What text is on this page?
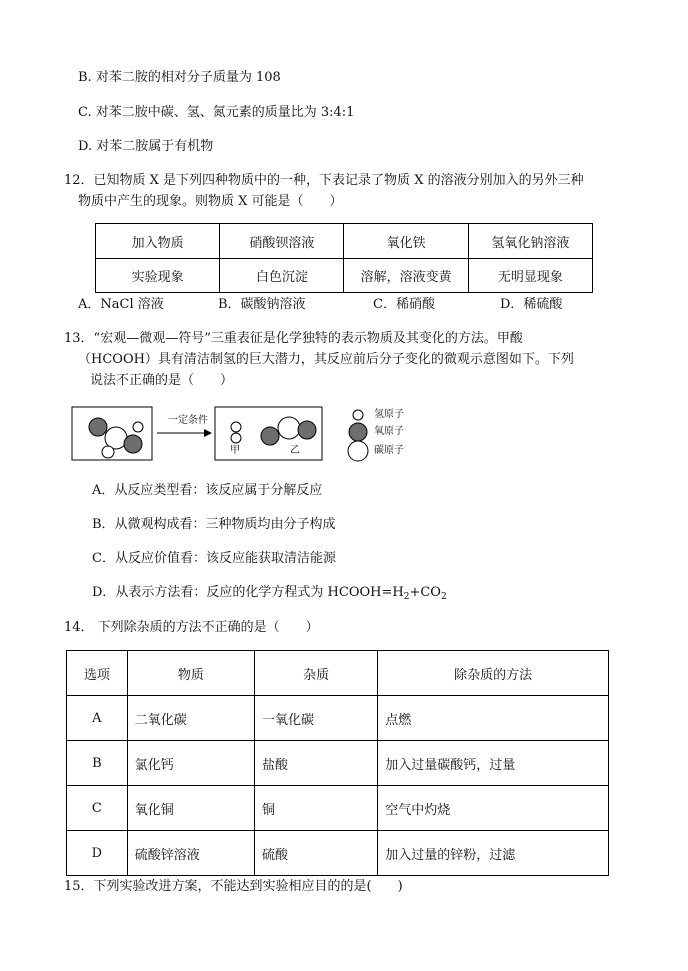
B. 对苯二胺的相对分子质量为 108
C. 对苯二胺中碳、氢、氮元素的质量比为 3:4:1
D. 对苯二胺属于有机物
12．已知物质 X 是下列四种物质中的一种，下表记录了物质 X 的溶液分别加入的另外三种
物质中产生的现象。则物质 X 可能是（　　）
加入物质	硝酸钡溶液	氧化铁	氢氧化钠溶液
实验现象	白色沉淀	溶解，溶液变黄	无明显现象
A．NaCl 溶液	B．碳酸钠溶液	C．稀硝酸	D．稀硫酸
13．“宏观—微观—符号”三重表征是化学独特的表示物质及其变化的方法。甲酸
（HCOOH）具有清洁制氢的巨大潜力，其反应前后分子变化的微观示意图如下。下列
说法不正确的是（　　）
一定条件
甲	乙
氢原子
氧原子
碳原子
A．从反应类型看：该反应属于分解反应
B．从微观构成看：三种物质均由分子构成
C．从反应价值看：该反应能获取清洁能源
D．从表示方法看：反应的化学方程式为 $HCOOH=H_2+CO_2$
14． 下列除杂质的方法不正确的是（　　）
选项	物质	杂质	除杂质的方法
A	二氧化碳	一氧化碳	点燃
B	氯化钙	盐酸	加入过量碳酸钙，过量
C	氧化铜	铜	空气中灼烧
D	硫酸锌溶液	硫酸	加入过量的锌粉，过滤
15．下列实验改进方案，不能达到实验相应目的的是(　　)
